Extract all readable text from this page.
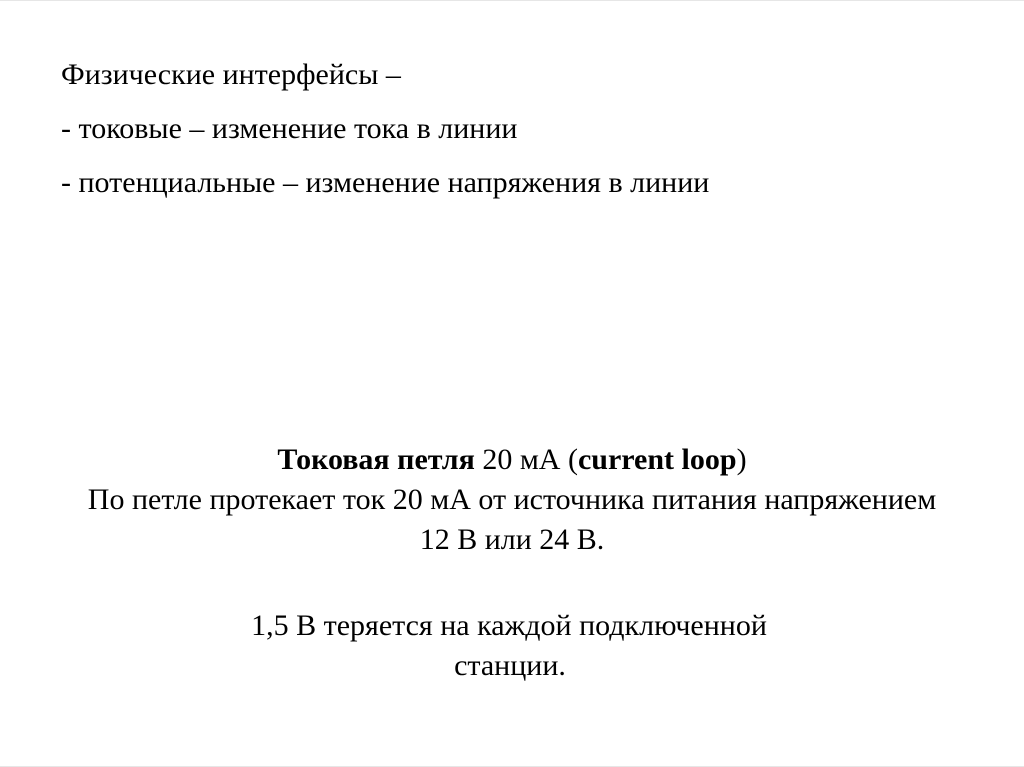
Физические интерфейсы –

- токовые – изменение тока в линии

- потенциальные – изменение напряжения в линии

Токовая петля 20 мА (current loop)
По петле протекает ток 20 мА от источника питания напряжением
12 В или 24 В.
1,5 В теряется на каждой подключенной
станции.
